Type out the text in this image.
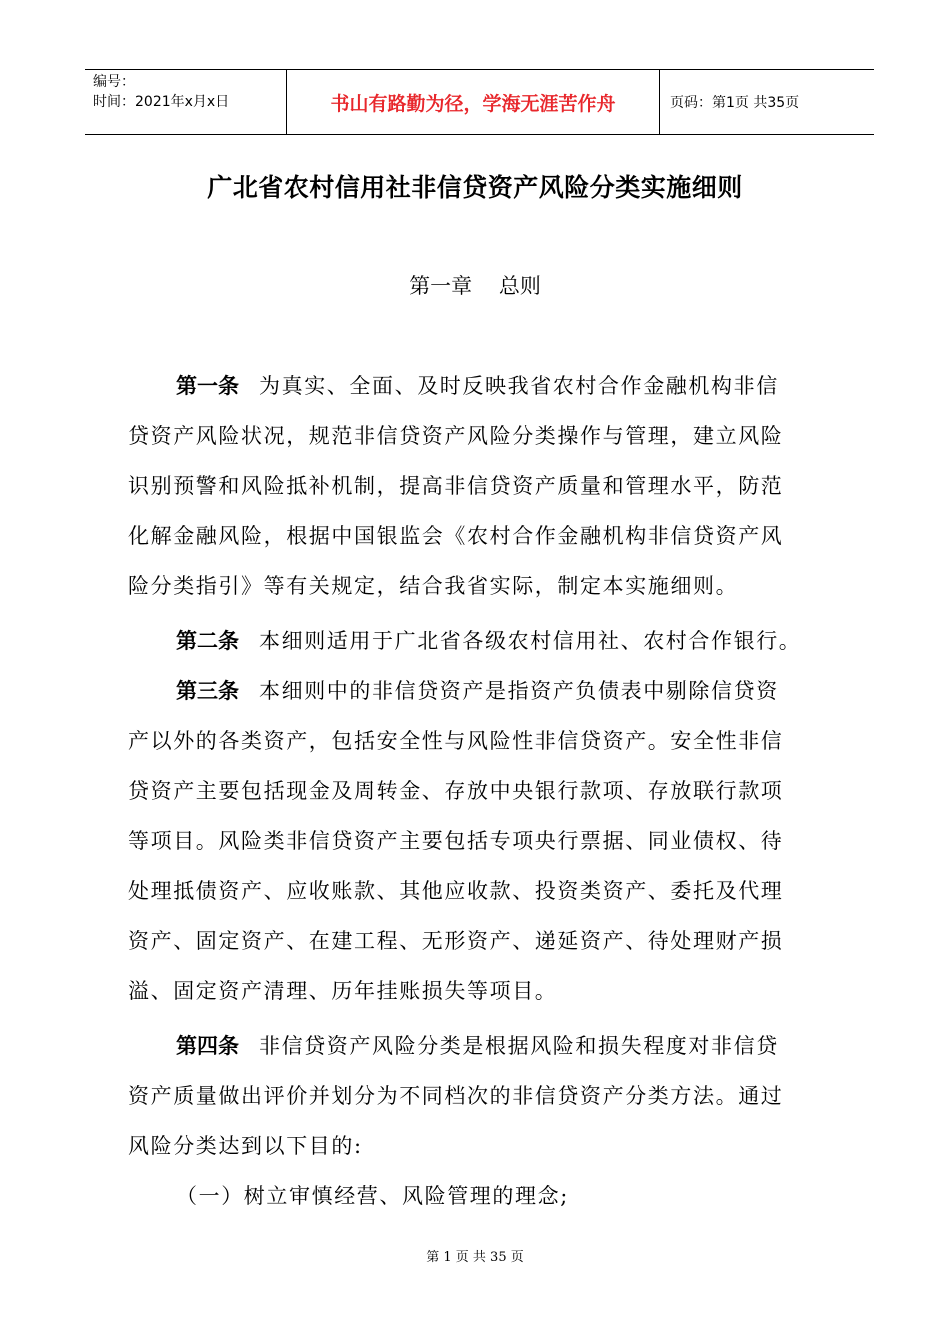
编号：
时间：2021年x月x日	书山有路勤为径，学海无涯苦作舟	页码：第1页 共35页
广北省农村信用社非信贷资产风险分类实施细则
第一章    总则
第一条 为真实、全面、及时反映我省农村合作金融机构非信
贷资产风险状况，规范非信贷资产风险分类操作与管理，建立风险
识别预警和风险抵补机制，提高非信贷资产质量和管理水平，防范
化解金融风险，根据中国银监会《农村合作金融机构非信贷资产风
险分类指引》等有关规定，结合我省实际，制定本实施细则。
第二条 本细则适用于广北省各级农村信用社、农村合作银行。
第三条 本细则中的非信贷资产是指资产负债表中剔除信贷资
产以外的各类资产，包括安全性与风险性非信贷资产。安全性非信
贷资产主要包括现金及周转金、存放中央银行款项、存放联行款项
等项目。风险类非信贷资产主要包括专项央行票据、同业债权、待
处理抵债资产、应收账款、其他应收款、投资类资产、委托及代理
资产、固定资产、在建工程、无形资产、递延资产、待处理财产损
溢、固定资产清理、历年挂账损失等项目。
第四条 非信贷资产风险分类是根据风险和损失程度对非信贷
资产质量做出评价并划分为不同档次的非信贷资产分类方法。通过
风险分类达到以下目的:
（一）树立审慎经营、风险管理的理念;
第 1 页 共 35 页
